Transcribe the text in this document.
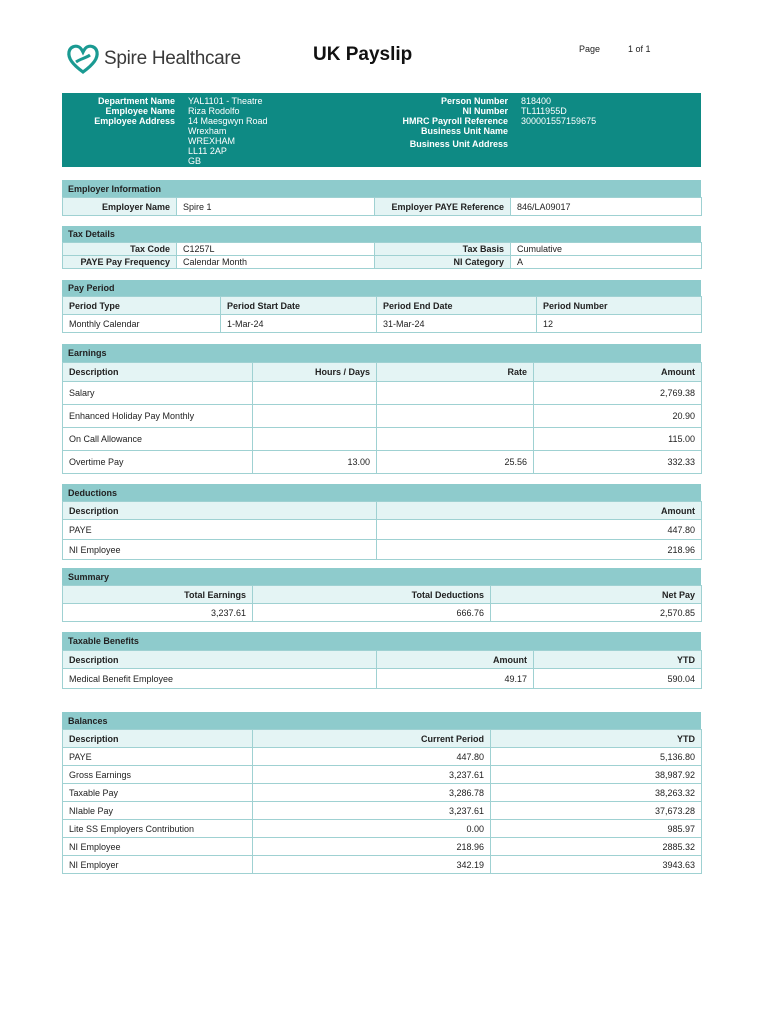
Spire Healthcare	UK Payslip	Page	1 of 1
Department Name YAL1101 - Theatre
Employee Name Riza Rodolfo
Employee Address 14 Maesgwyn Road
Wrexham
WREXHAM
LL11 2AP
GB
Person Number 818400
NI Number TL111955D
HMRC Payroll Reference 300001557159675
Business Unit Name
Business Unit Address
Employer Information
Employer Name	Spire 1	Employer PAYE Reference	846/LA09017
Tax Details
Tax Code	C1257L	Tax Basis	Cumulative
PAYE Pay Frequency	Calendar Month	NI Category	A
Pay Period
Period Type	Period Start Date	Period End Date	Period Number
Monthly Calendar	1-Mar-24	31-Mar-24	12
Earnings
Description	Hours / Days	Rate	Amount
Salary			2,769.38
Enhanced Holiday Pay Monthly			20.90
On Call Allowance			115.00
Overtime Pay	13.00	25.56	332.33
Deductions
Description	Amount
PAYE	447.80
NI Employee	218.96
Summary
Total Earnings	Total Deductions	Net Pay
3,237.61	666.76	2,570.85
Taxable Benefits
Description	Amount	YTD
Medical Benefit Employee	49.17	590.04
Balances
Description	Current Period	YTD
PAYE	447.80	5,136.80
Gross Earnings	3,237.61	38,987.92
Taxable Pay	3,286.78	38,263.32
NIable Pay	3,237.61	37,673.28
Lite SS Employers Contribution	0.00	985.97
NI Employee	218.96	2885.32
NI Employer	342.19	3943.63
